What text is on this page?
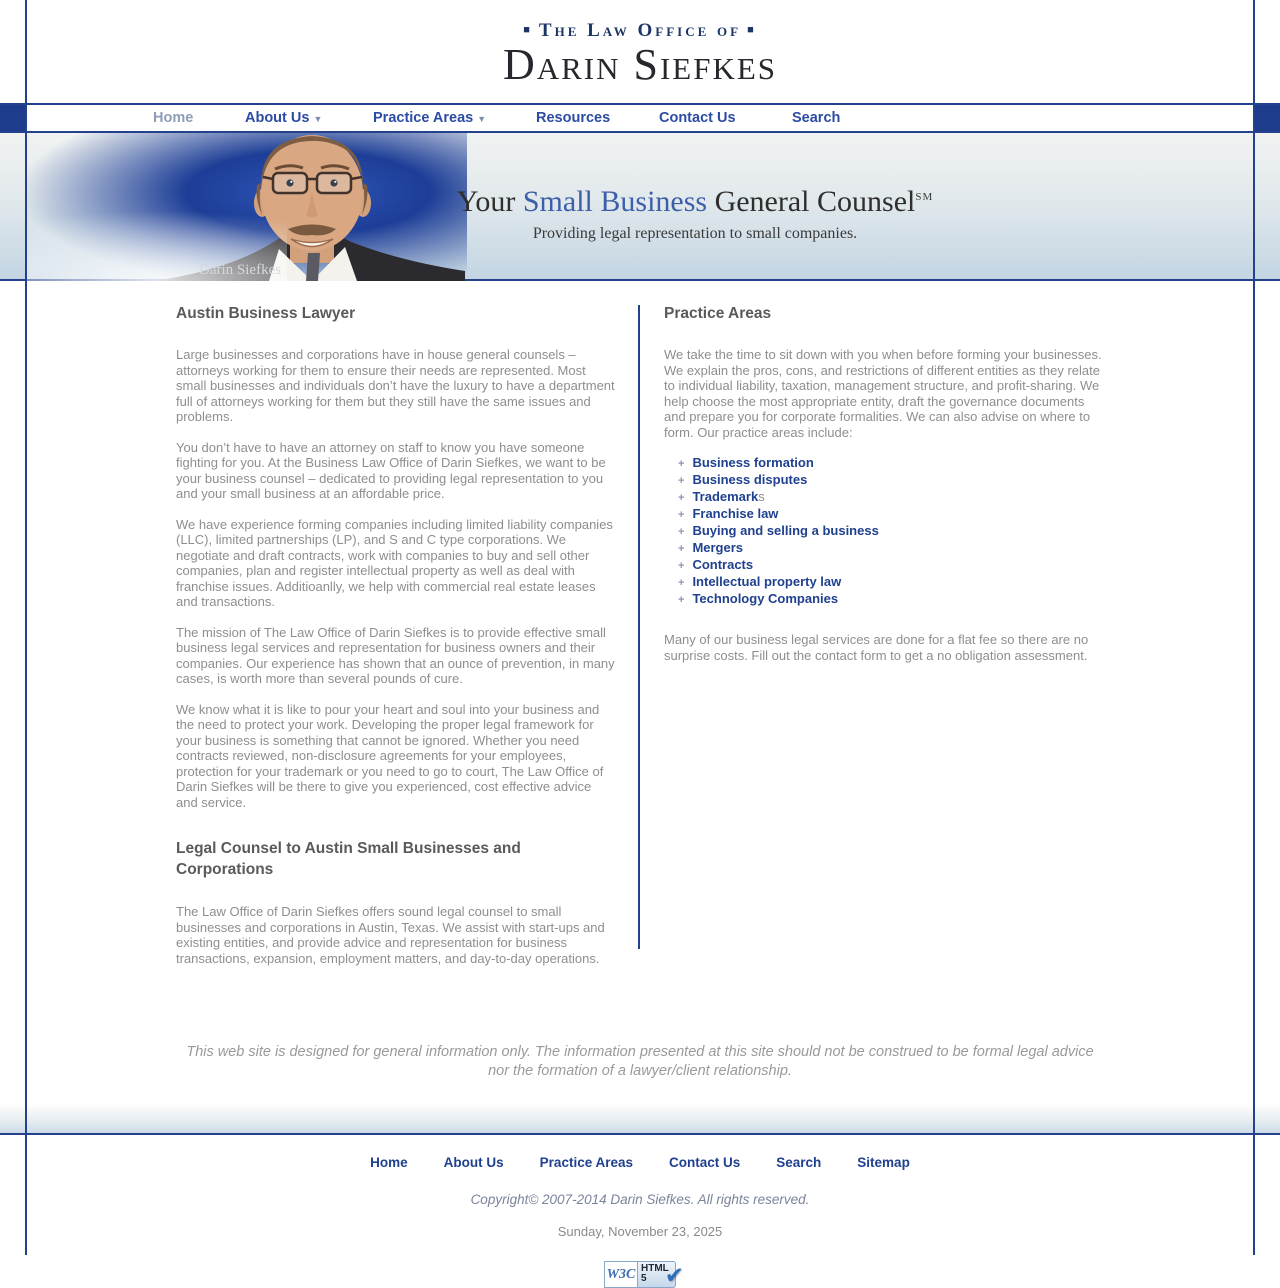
■ The Law Office of ■
Darin Siefkes
Home	About Us ▼	Practice Areas ▼	Resources	Contact Us	Search
Darin Siefkes
Your Small Business General Counsel℠
Providing legal representation to small companies.
Austin Business Lawyer

Large businesses and corporations have in house general counsels – attorneys working for them to ensure their needs are represented. Most small businesses and individuals don’t have the luxury to have a department full of attorneys working for them but they still have the same issues and problems.

You don’t have to have an attorney on staff to know you have someone fighting for you. At the Business Law Office of Darin Siefkes, we want to be your business counsel – dedicated to providing legal representation to you and your small business at an affordable price.

We have experience forming companies including limited liability companies (LLC), limited partnerships (LP), and S and C type corporations. We negotiate and draft contracts, work with companies to buy and sell other companies, plan and register intellectual property as well as deal with franchise issues. Additioanlly, we help with commercial real estate leases and transactions.

The mission of The Law Office of Darin Siefkes is to provide effective small business legal services and representation for business owners and their companies. Our experience has shown that an ounce of prevention, in many cases, is worth more than several pounds of cure.

We know what it is like to pour your heart and soul into your business and the need to protect your work. Developing the proper legal framework for your business is something that cannot be ignored. Whether you need contracts reviewed, non-disclosure agreements for your employees, protection for your trademark or you need to go to court, The Law Office of Darin Siefkes will be there to give you experienced, cost effective advice and service.

Legal Counsel to Austin Small Businesses and Corporations

The Law Office of Darin Siefkes offers sound legal counsel to small businesses and corporations in Austin, Texas. We assist with start-ups and existing entities, and provide advice and representation for business transactions, expansion, employment matters, and day-to-day operations.

Practice Areas

We take the time to sit down with you when before forming your businesses. We explain the pros, cons, and restrictions of different entities as they relate to individual liability, taxation, management structure, and profit-sharing. We help choose the most appropriate entity, draft the governance documents and prepare you for corporate formalities. We can also advise on where to form. Our practice areas include:

+ Business formation
+ Business disputes
+ Trademarks
+ Franchise law
+ Buying and selling a business
+ Mergers
+ Contracts
+ Intellectual property law
+ Technology Companies

Many of our business legal services are done for a flat fee so there are no surprise costs. Fill out the contact form to get a no obligation assessment.

This web site is designed for general information only. The information presented at this site should not be construed to be formal legal advice nor the formation of a lawyer/client relationship.
Home	About Us	Practice Areas	Contact Us	Search	Sitemap
Copyright© 2007-2014 Darin Siefkes. All rights reserved.
Sunday, November 23, 2025
W3C HTML
5 ✔
